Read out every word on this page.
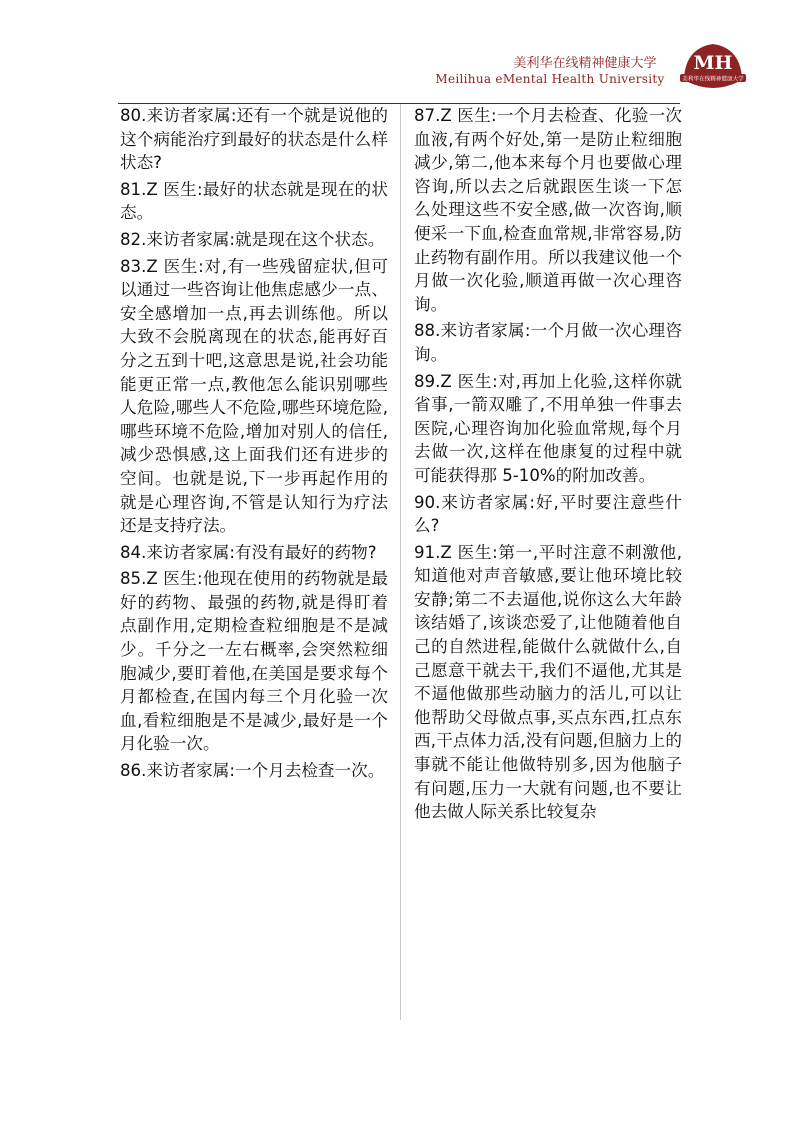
美利华在线精神健康大学
Meilihua eMental Health University
MH
美利华在线精神健康大学

80.来访者家属:还有一个就是说他的这个病能治疗到最好的状态是什么样状态?

81.Z 医生:最好的状态就是现在的状态。

82.来访者家属:就是现在这个状态。

83.Z 医生:对,有一些残留症状,但可以通过一些咨询让他焦虑感少一点、安全感增加一点,再去训练他。所以大致不会脱离现在的状态,能再好百分之五到十吧,这意思是说,社会功能能更正常一点,教他怎么能识别哪些人危险,哪些人不危险,哪些环境危险,哪些环境不危险,增加对别人的信任,减少恐惧感,这上面我们还有进步的空间。也就是说,下一步再起作用的就是心理咨询,不管是认知行为疗法还是支持疗法。

84.来访者家属:有没有最好的药物?

85.Z 医生:他现在使用的药物就是最好的药物、最强的药物,就是得盯着点副作用,定期检查粒细胞是不是减少。千分之一左右概率,会突然粒细胞减少,要盯着他,在美国是要求每个月都检查,在国内每三个月化验一次血,看粒细胞是不是减少,最好是一个月化验一次。

86.来访者家属:一个月去检查一次。

87.Z 医生:一个月去检查、化验一次血液,有两个好处,第一是防止粒细胞减少,第二,他本来每个月也要做心理咨询,所以去之后就跟医生谈一下怎么处理这些不安全感,做一次咨询,顺便采一下血,检查血常规,非常容易,防止药物有副作用。所以我建议他一个月做一次化验,顺道再做一次心理咨询。

88.来访者家属:一个月做一次心理咨询。

89.Z 医生:对,再加上化验,这样你就省事,一箭双雕了,不用单独一件事去医院,心理咨询加化验血常规,每个月去做一次,这样在他康复的过程中就可能获得那 5-10%的附加改善。

90.来访者家属:好,平时要注意些什么?

91.Z 医生:第一,平时注意不刺激他,知道他对声音敏感,要让他环境比较安静;第二不去逼他,说你这么大年龄该结婚了,该谈恋爱了,让他随着他自己的自然进程,能做什么就做什么,自己愿意干就去干,我们不逼他,尤其是不逼他做那些动脑力的活儿,可以让他帮助父母做点事,买点东西,扛点东西,干点体力活,没有问题,但脑力上的事就不能让他做特别多,因为他脑子有问题,压力一大就有问题,也不要让他去做人际关系比较复杂
